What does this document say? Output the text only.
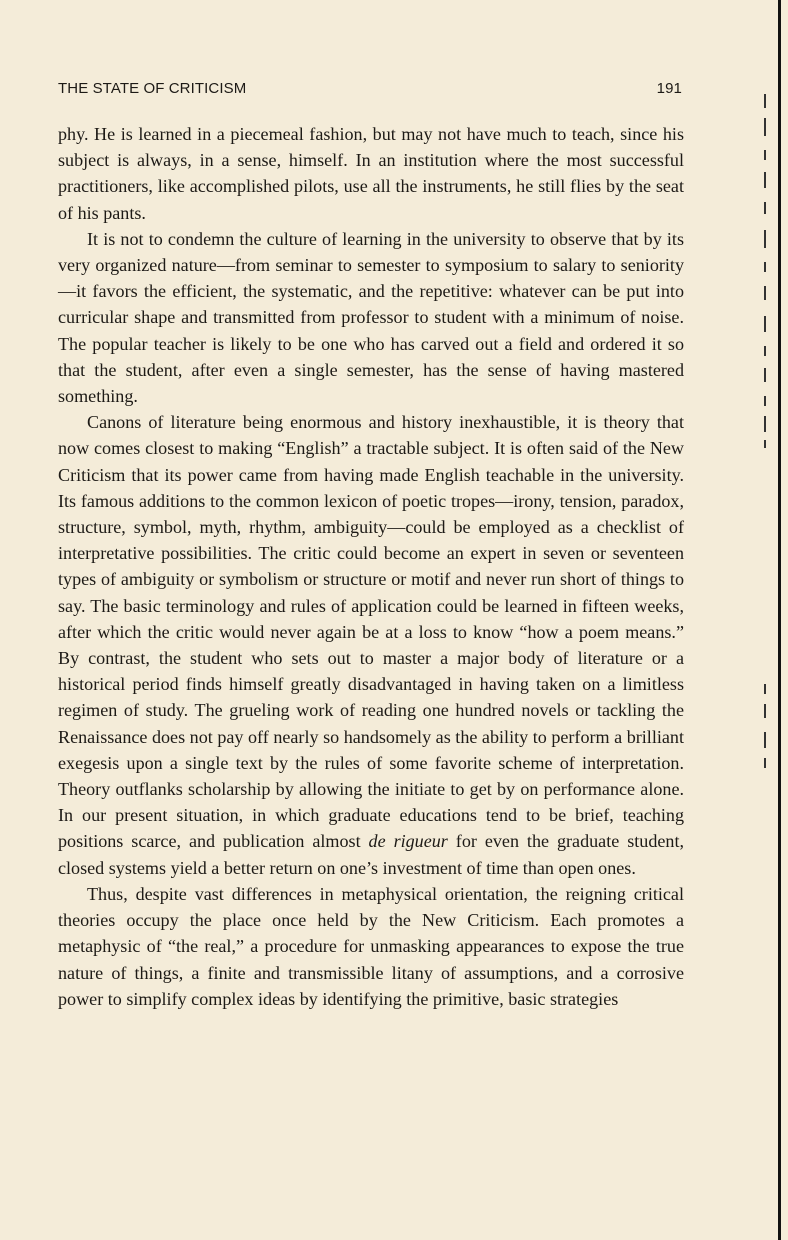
THE STATE OF CRITICISM	191

phy. He is learned in a piecemeal fashion, but may not have much to teach, since his subject is always, in a sense, himself. In an institution where the most successful practitioners, like accomplished pilots, use all the instruments, he still flies by the seat of his pants.

It is not to condemn the culture of learning in the university to observe that by its very organized nature—from seminar to semester to symposium to salary to seniority—it favors the efficient, the systematic, and the repetitive: whatever can be put into curricular shape and transmitted from professor to student with a minimum of noise. The popular teacher is likely to be one who has carved out a field and ordered it so that the student, after even a single semester, has the sense of having mastered something.

Canons of literature being enormous and history inexhaustible, it is theory that now comes closest to making “English” a tractable subject. It is often said of the New Criticism that its power came from having made English teachable in the university. Its famous additions to the common lexicon of poetic tropes—irony, tension, paradox, structure, symbol, myth, rhythm, ambiguity—could be employed as a checklist of interpretative possibilities. The critic could become an expert in seven or seventeen types of ambiguity or symbolism or structure or motif and never run short of things to say. The basic terminology and rules of application could be learned in fifteen weeks, after which the critic would never again be at a loss to know “how a poem means.” By contrast, the student who sets out to master a major body of literature or a historical period finds himself greatly disadvantaged in having taken on a limitless regimen of study. The grueling work of reading one hundred novels or tackling the Renaissance does not pay off nearly so handsomely as the ability to perform a brilliant exegesis upon a single text by the rules of some favorite scheme of interpretation. Theory outflanks scholarship by allowing the initiate to get by on performance alone. In our present situation, in which graduate educations tend to be brief, teaching positions scarce, and publication almost de rigueur for even the graduate student, closed systems yield a better return on one’s investment of time than open ones.

Thus, despite vast differences in metaphysical orientation, the reigning critical theories occupy the place once held by the New Criticism. Each promotes a metaphysic of “the real,” a procedure for unmasking appearances to expose the true nature of things, a finite and transmissible litany of assumptions, and a corrosive power to simplify complex ideas by identifying the primitive, basic strategies
